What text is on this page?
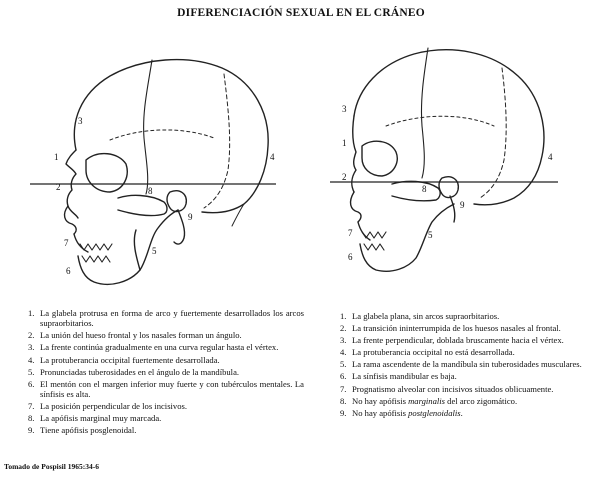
DIFERENCIACIÓN SEXUAL EN EL CRÁNEO
1
2
3
4
5
6
7
8
9
1
2
3
4
5
6
7
8
9
1. La glabela protrusa en forma de arco y fuertemente desarrollados los arcos supraorbitarios.
2. La unión del hueso frontal y los nasales forman un ángulo.
3. La frente continúa gradualmente en una curva regular hasta el vértex.
4. La protuberancia occipital fuertemente desarrollada.
5. Pronunciadas tuberosidades en el ángulo de la mandíbula.
6. El mentón con el margen inferior muy fuerte y con tubérculos mentales. La sínfisis es alta.
7. La posición perpendicular de los incisivos.
8. La apófisis marginal muy marcada.
9. Tiene apófisis posglenoidal.
1. La glabela plana, sin arcos supraorbitarios.
2. La transición ininterrumpida de los huesos nasales al frontal.
3. La frente perpendicular, doblada bruscamente hacia el vértex.
4. La protuberancia occipital no está desarrollada.
5. La rama ascendente de la mandíbula sin tuberosidades musculares.
6. La sínfisis mandibular es baja.
7. Prognatismo alveolar con incisivos situados oblicuamente.
8. No hay apófisis marginalis del arco zigomático.
9. No hay apófisis postglenoidalis.
Tomado de Pospisil 1965:34-6
